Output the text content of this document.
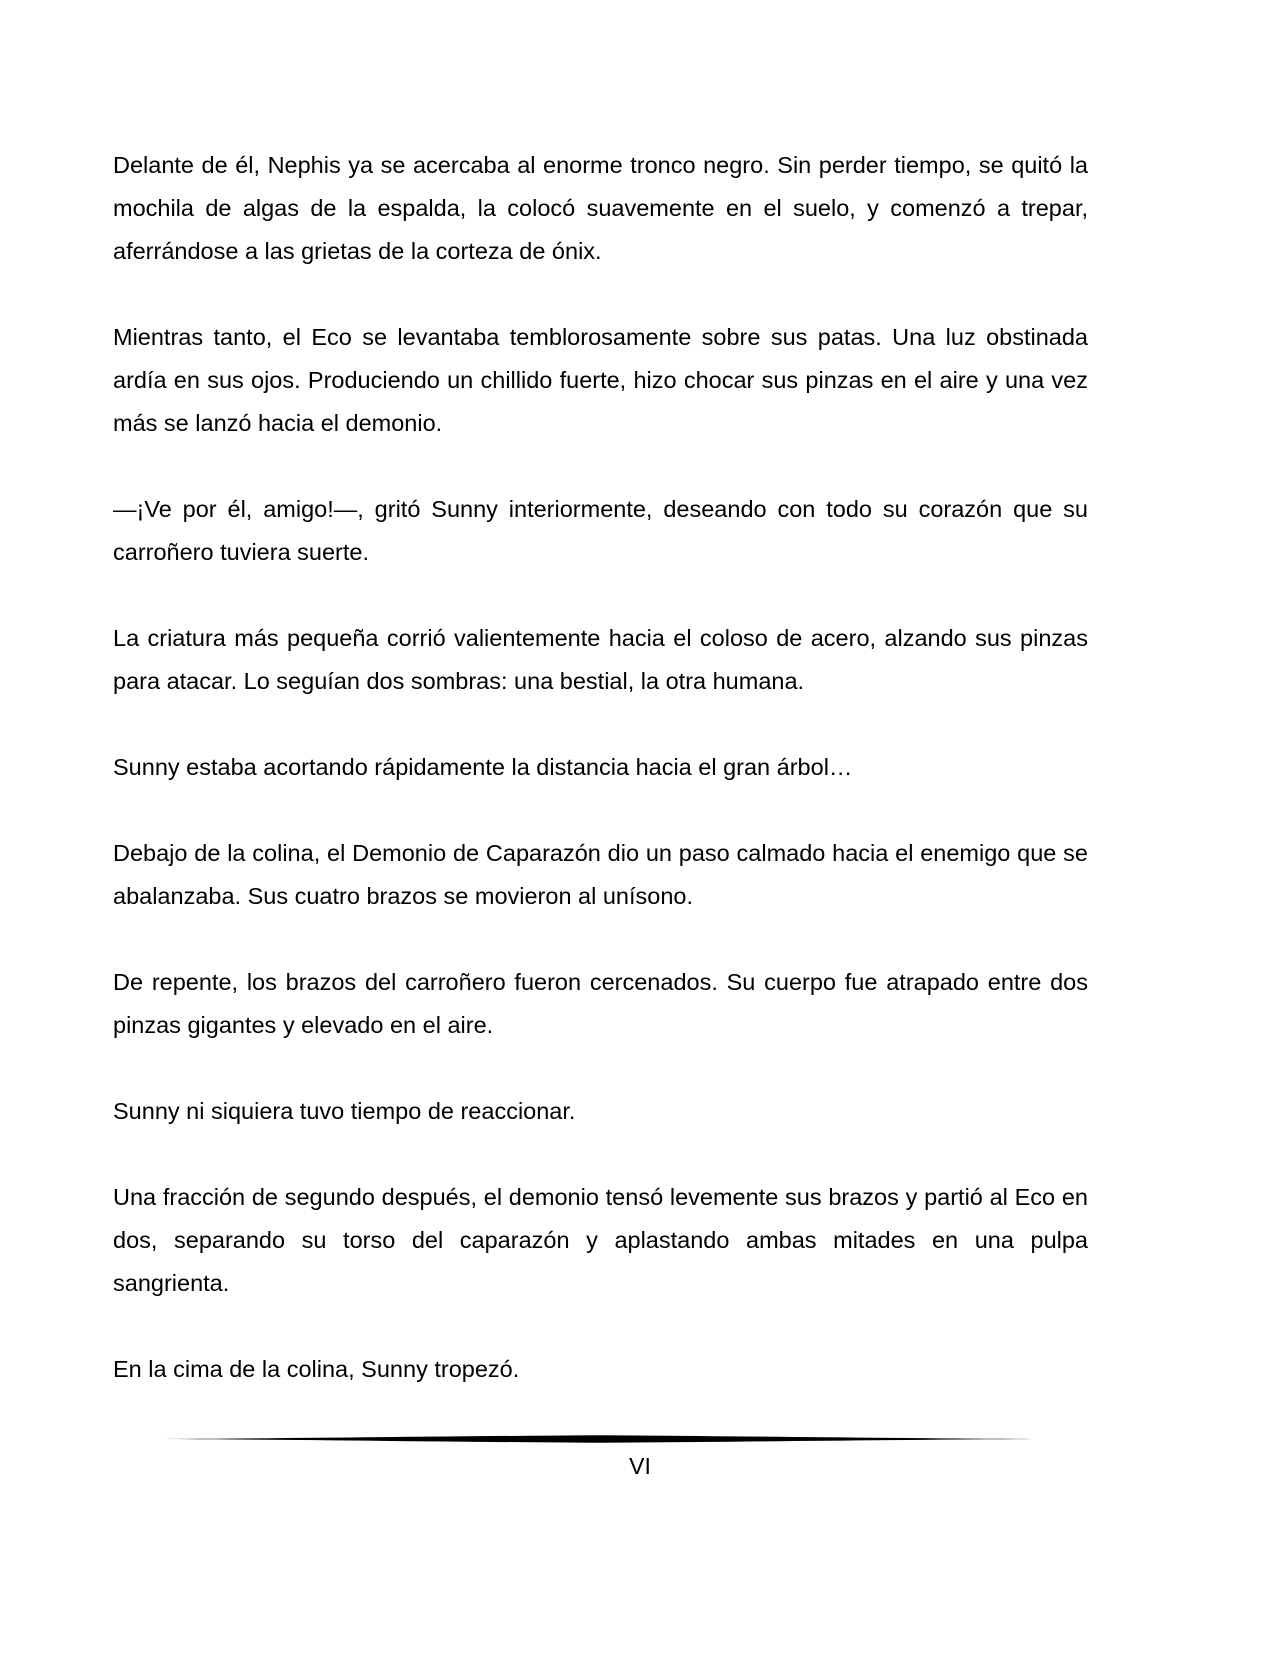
Delante de él, Nephis ya se acercaba al enorme tronco negro. Sin perder tiempo, se quitó la mochila de algas de la espalda, la colocó suavemente en el suelo, y comenzó a trepar, aferrándose a las grietas de la corteza de ónix.

Mientras tanto, el Eco se levantaba temblorosamente sobre sus patas. Una luz obstinada ardía en sus ojos. Produciendo un chillido fuerte, hizo chocar sus pinzas en el aire y una vez más se lanzó hacia el demonio.

—¡Ve por él, amigo!—, gritó Sunny interiormente, deseando con todo su corazón que su carroñero tuviera suerte.

La criatura más pequeña corrió valientemente hacia el coloso de acero, alzando sus pinzas para atacar. Lo seguían dos sombras: una bestial, la otra humana.

Sunny estaba acortando rápidamente la distancia hacia el gran árbol…

Debajo de la colina, el Demonio de Caparazón dio un paso calmado hacia el enemigo que se abalanzaba. Sus cuatro brazos se movieron al unísono.

De repente, los brazos del carroñero fueron cercenados. Su cuerpo fue atrapado entre dos pinzas gigantes y elevado en el aire.

Sunny ni siquiera tuvo tiempo de reaccionar.

Una fracción de segundo después, el demonio tensó levemente sus brazos y partió al Eco en dos, separando su torso del caparazón y aplastando ambas mitades en una pulpa sangrienta.

En la cima de la colina, Sunny tropezó.

VI
